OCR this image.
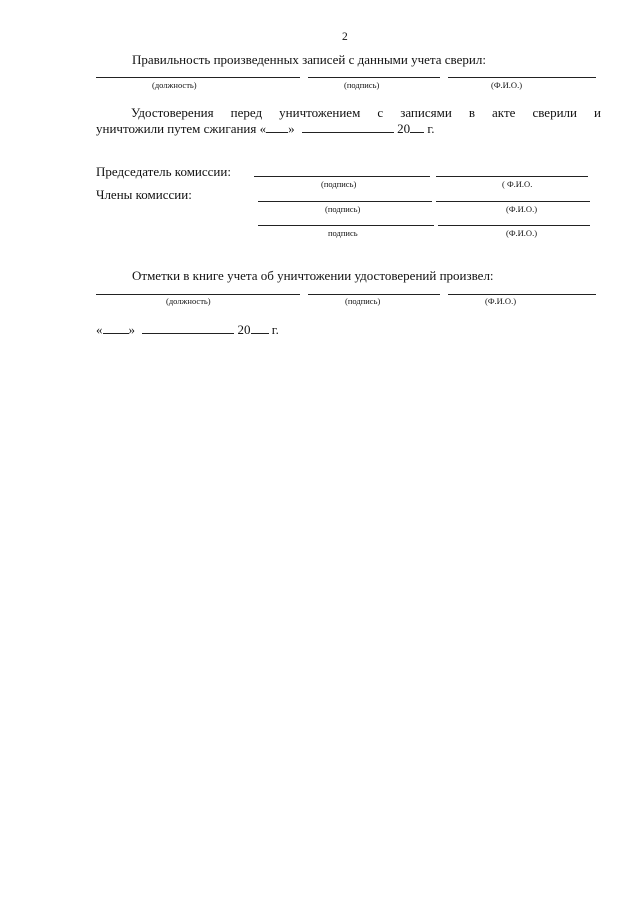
2
Правильность произведенных записей с данными учета сверил:
(должность)	(подпись)	(Ф.И.О.)
Удостоверения перед уничтожением с записями в акте сверили и
уничтожили путем сжигания « »	20 г.
Председатель комиссии:
(подпись)	( Ф.И.О.
Члены комиссии:
(подпись)	(Ф.И.О.)
подпись	(Ф.И.О.)
Отметки в книге учета об уничтожении удостоверений произвел:
(должность)	(подпись)	(Ф.И.О.)
« »	20 г.
